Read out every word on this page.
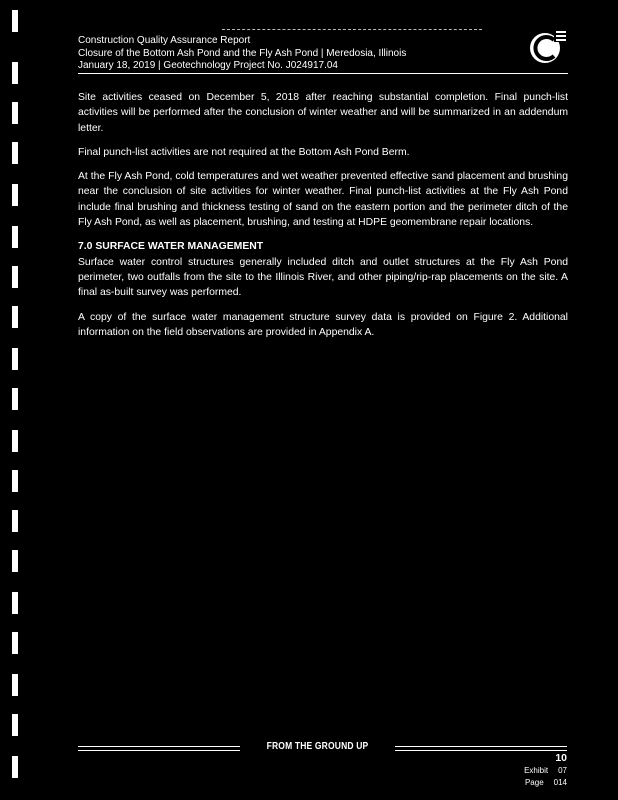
Construction Quality Assurance Report
Closure of the Bottom Ash Pond and the Fly Ash Pond | Meredosia, Illinois
January 18, 2019 | Geotechnology Project No. J024917.04

Site activities ceased on December 5, 2018 after reaching substantial completion. Final punch-list activities will be performed after the conclusion of winter weather and will be summarized in an addendum letter.

Final punch-list activities are not required at the Bottom Ash Pond Berm.

At the Fly Ash Pond, cold temperatures and wet weather prevented effective sand placement and brushing near the conclusion of site activities for winter weather. Final punch-list activities at the Fly Ash Pond include final brushing and thickness testing of sand on the eastern portion and the perimeter ditch of the Fly Ash Pond, as well as placement, brushing, and testing at HDPE geomembrane repair locations.

7.0 SURFACE WATER MANAGEMENT

Surface water control structures generally included ditch and outlet structures at the Fly Ash Pond perimeter, two outfalls from the site to the Illinois River, and other piping/rip-rap placements on the site. A final as-built survey was performed.

A copy of the surface water management structure survey data is provided on Figure 2. Additional information on the field observations are provided in Appendix A.

FROM THE GROUND UP
10
Exhibit 07
Page 014
